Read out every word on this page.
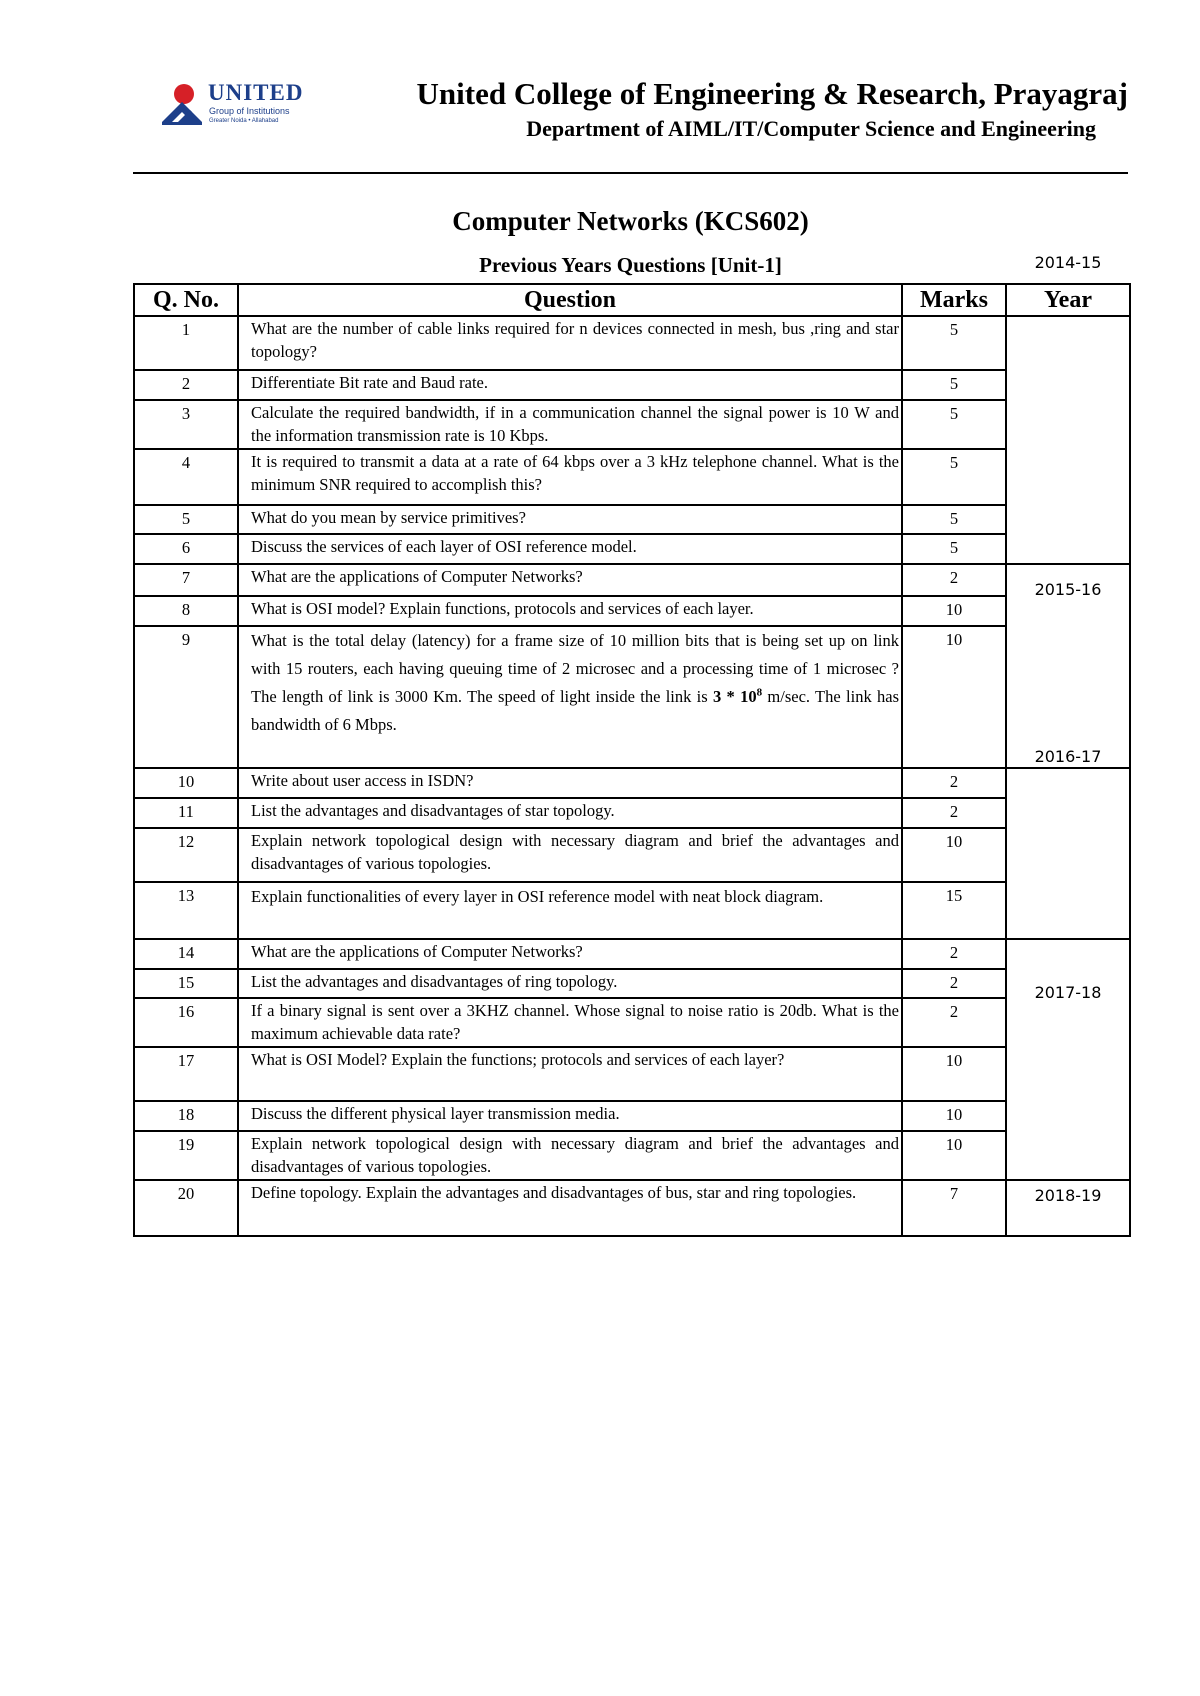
UNITED
Group of Institutions
Greater Noida • Allahabad
United College of Engineering & Research, Prayagraj
Department of AIML/IT/Computer Science and Engineering
Computer Networks (KCS602)
Previous Years Questions [Unit-1]
Q. No.	Question	Marks	Year
1	What are the number of cable links required for n devices connected in mesh, bus ,ring and star topology?	5	2014-15

2	Differentiate Bit rate and Baud rate.	5	
3	Calculate the required bandwidth, if in a communication channel the signal power is 10 W and the information transmission rate is 10 Kbps.	5	
4	It is required to transmit a data at a rate of 64 kbps over a 3 kHz telephone channel. What is the minimum SNR required to accomplish this?	5	
5	What do you mean by service primitives?	5	
6	Discuss the services of each layer of OSI reference model.	5	
7	What are the applications of Computer Networks?	2	2015-16

8	What is OSI model? Explain functions, protocols and services of each layer.	10	
9	What is the total delay (latency) for a frame size of 10 million bits that is being set up on link with 15 routers, each having queuing time of 2 microsec and a processing time of 1 microsec ? The length of link is 3000 Km. The speed of light inside the link is $3 * 10^8$ m/sec. The link has bandwidth of 6 Mbps.	10	
10	Write about user access in ISDN?	2	2016-17

11	List the advantages and disadvantages of star topology.	2	
12	Explain network topological design with necessary diagram and brief the advantages and disadvantages of various topologies.	10	
13	Explain functionalities of every layer in OSI reference model with neat block diagram.	15	
14	What are the applications of Computer Networks?	2	2017-18

15	List the advantages and disadvantages of ring topology.	2	
16	If a binary signal is sent over a 3KHZ channel. Whose signal to noise ratio is 20db. What is the maximum achievable data rate?	2	
17	What is OSI Model? Explain the functions; protocols and services of each layer?	10	
18	Discuss the different physical layer transmission media.	10	
19	Explain network topological design with necessary diagram and brief the advantages and disadvantages of various topologies.	10	
20	Define topology. Explain the advantages and disadvantages of bus, star and ring topologies.	7	2018-19
